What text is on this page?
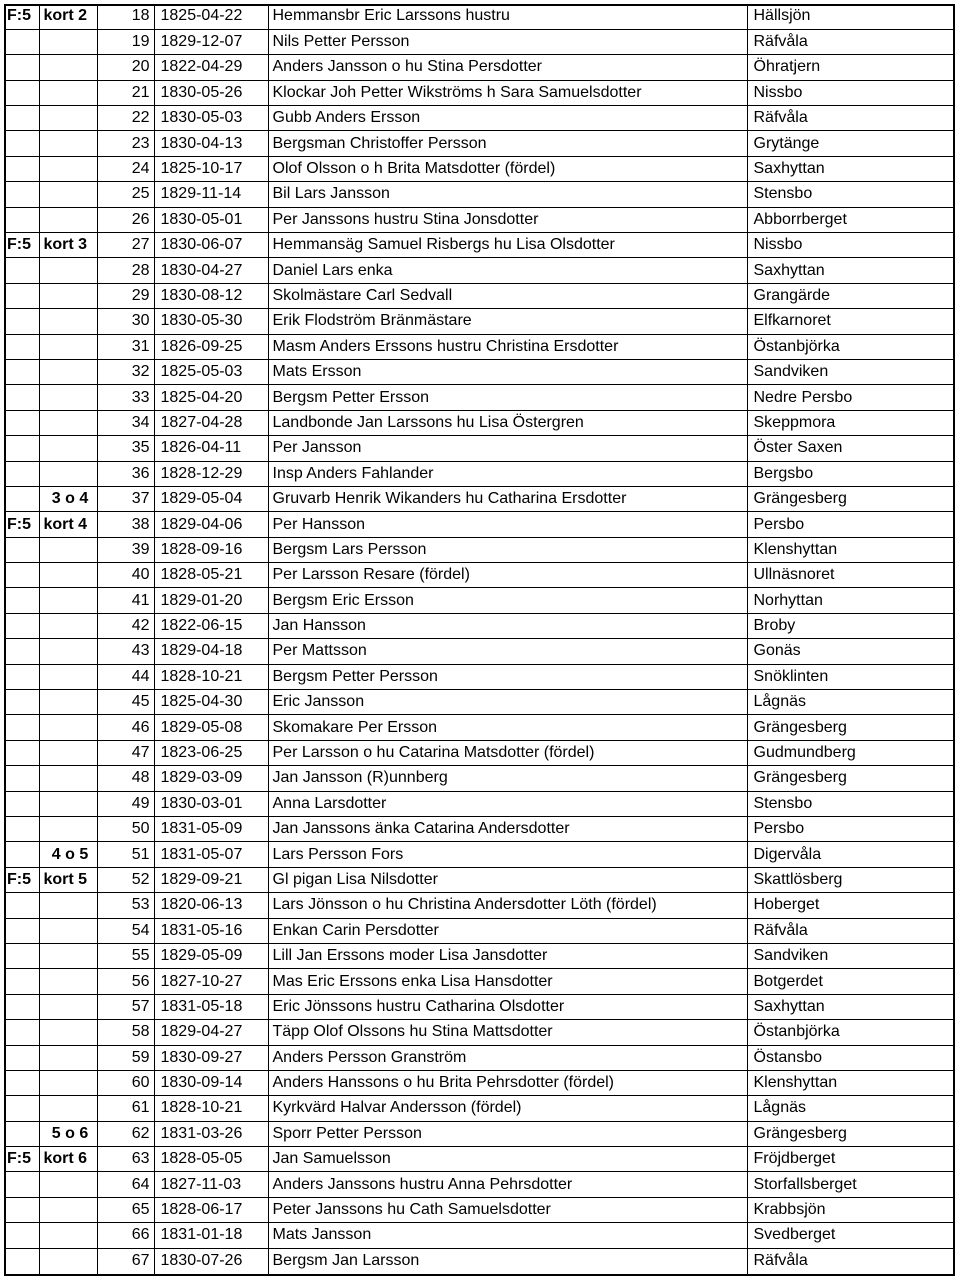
F:5	kort 2	18	1825-04-22	Hemmansbr Eric Larssons hustru	Hällsjön
		19	1829-12-07	Nils Petter Persson	Räfvåla
		20	1822-04-29	Anders Jansson o hu Stina Persdotter	Öhratjern
		21	1830-05-26	Klockar Joh Petter Wikströms h Sara Samuelsdotter	Nissbo
		22	1830-05-03	Gubb Anders Ersson	Räfvåla
		23	1830-04-13	Bergsman Christoffer Persson	Grytänge
		24	1825-10-17	Olof Olsson o h Brita Matsdotter (fördel)	Saxhyttan
		25	1829-11-14	Bil Lars Jansson	Stensbo
		26	1830-05-01	Per Janssons hustru Stina Jonsdotter	Abborrberget
F:5	kort 3	27	1830-06-07	Hemmansäg Samuel Risbergs hu Lisa Olsdotter	Nissbo
		28	1830-04-27	Daniel Lars enka	Saxhyttan
		29	1830-08-12	Skolmästare Carl Sedvall	Grangärde
		30	1830-05-30	Erik Flodström Bränmästare	Elfkarnoret
		31	1826-09-25	Masm Anders Erssons hustru Christina Ersdotter	Östanbjörka
		32	1825-05-03	Mats Ersson	Sandviken
		33	1825-04-20	Bergsm Petter Ersson	Nedre Persbo
		34	1827-04-28	Landbonde Jan Larssons hu Lisa Östergren	Skeppmora
		35	1826-04-11	Per Jansson	Öster Saxen
		36	1828-12-29	Insp Anders Fahlander	Bergsbo
	3 o 4	37	1829-05-04	Gruvarb Henrik Wikanders hu Catharina Ersdotter	Grängesberg
F:5	kort 4	38	1829-04-06	Per Hansson	Persbo
		39	1828-09-16	Bergsm Lars Persson	Klenshyttan
		40	1828-05-21	Per Larsson Resare (fördel)	Ullnäsnoret
		41	1829-01-20	Bergsm Eric Ersson	Norhyttan
		42	1822-06-15	Jan Hansson	Broby
		43	1829-04-18	Per Mattsson	Gonäs
		44	1828-10-21	Bergsm Petter Persson	Snöklinten
		45	1825-04-30	Eric Jansson	Lågnäs
		46	1829-05-08	Skomakare Per Ersson	Grängesberg
		47	1823-06-25	Per Larsson o hu Catarina Matsdotter (fördel)	Gudmundberg
		48	1829-03-09	Jan Jansson (R)unnberg	Grängesberg
		49	1830-03-01	Anna Larsdotter	Stensbo
		50	1831-05-09	Jan Janssons änka Catarina Andersdotter	Persbo
	4 o 5	51	1831-05-07	Lars Persson Fors	Digervåla
F:5	kort 5	52	1829-09-21	Gl pigan Lisa Nilsdotter	Skattlösberg
		53	1820-06-13	Lars Jönsson o hu Christina Andersdotter Löth (fördel)	Hoberget
		54	1831-05-16	Enkan Carin Persdotter	Räfvåla
		55	1829-05-09	Lill Jan Erssons moder Lisa Jansdotter	Sandviken
		56	1827-10-27	Mas Eric Erssons enka Lisa Hansdotter	Botgerdet
		57	1831-05-18	Eric Jönssons hustru Catharina Olsdotter	Saxhyttan
		58	1829-04-27	Täpp Olof Olssons hu Stina Mattsdotter	Östanbjörka
		59	1830-09-27	Anders Persson Granström	Östansbo
		60	1830-09-14	Anders Hanssons o hu Brita Pehrsdotter (fördel)	Klenshyttan
		61	1828-10-21	Kyrkvärd Halvar Andersson (fördel)	Lågnäs
	5 o 6	62	1831-03-26	Sporr Petter Persson	Grängesberg
F:5	kort 6	63	1828-05-05	Jan Samuelsson	Fröjdberget
		64	1827-11-03	Anders Janssons hustru Anna Pehrsdotter	Storfallsberget
		65	1828-06-17	Peter Janssons hu Cath Samuelsdotter	Krabbsjön
		66	1831-01-18	Mats Jansson	Svedberget
		67	1830-07-26	Bergsm Jan Larsson	Räfvåla
